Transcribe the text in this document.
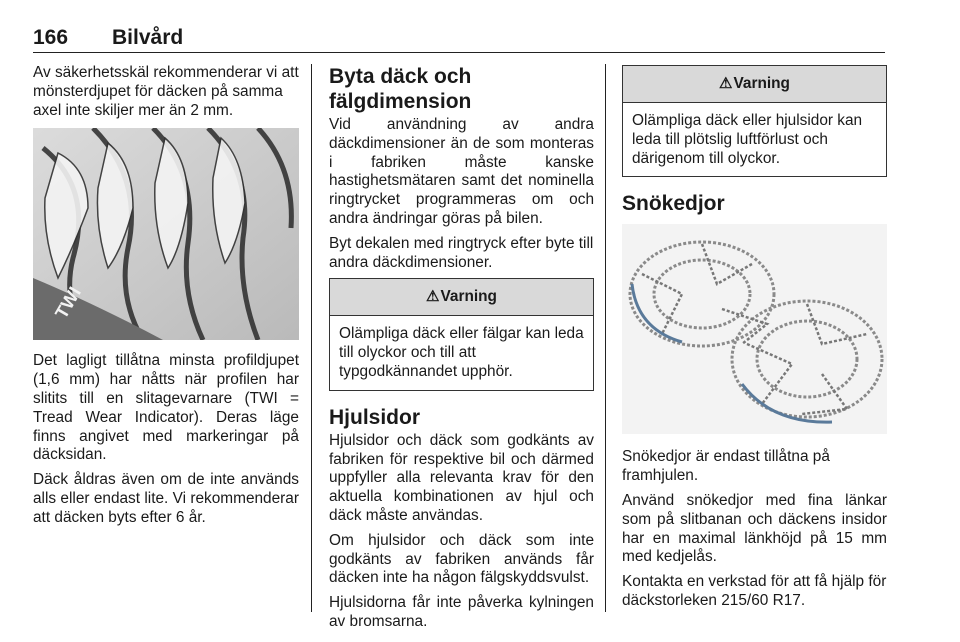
166 Bilvård

Av säkerhetsskäl rekommenderar vi att mönsterdjupet för däcken på samma axel inte skiljer mer än 2 mm.

TWI

Det lagligt tillåtna minsta profildjupet (1,6 mm) har nåtts när profilen har slitits till en slitagevarnare (TWI = Tread Wear Indicator). Deras läge finns angivet med markeringar på däcksidan.

Däck åldras även om de inte används alls eller endast lite. Vi rekommenderar att däcken byts efter 6 år.

Byta däck och fälgdimension

Vid användning av andra däckdimensioner än de som monteras i fabriken måste kanske hastighetsmätaren samt det nominella ringtrycket programmeras om och andra ändringar göras på bilen.

Byt dekalen med ringtryck efter byte till andra däckdimensioner.

⚠Varning

Olämpliga däck eller fälgar kan leda till olyckor och till att typgodkännandet upphör.

Hjulsidor

Hjulsidor och däck som godkänts av fabriken för respektive bil och därmed uppfyller alla relevanta krav för den aktuella kombinationen av hjul och däck måste användas.

Om hjulsidor och däck som inte godkänts av fabriken används får däcken inte ha någon fälgskyddsvulst.

Hjulsidorna får inte påverka kylningen av bromsarna.

⚠Varning

Olämpliga däck eller hjulsidor kan leda till plötslig luftförlust och därigenom till olyckor.

Snökedjor

Snökedjor är endast tillåtna på framhjulen.

Använd snökedjor med fina länkar som på slitbanan och däckens insidor har en maximal länkhöjd på 15 mm med kedjelås.

Kontakta en verkstad för att få hjälp för däckstorleken 215/60 R17.
